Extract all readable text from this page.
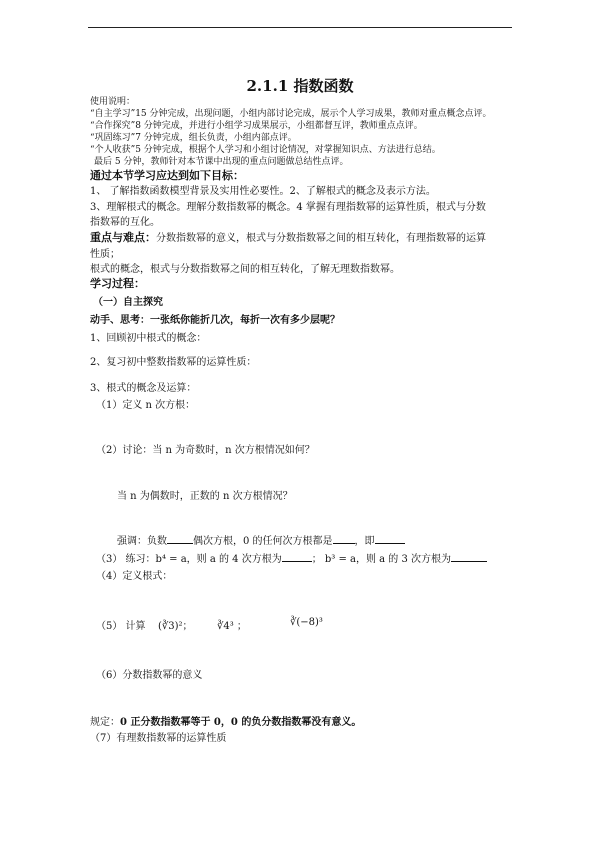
2.1.1 指数函数
使用说明：
“自主学习”15 分钟完成，出现问题，小组内部讨论完成，展示个人学习成果，教师对重点概念点评。
“合作探究”8 分钟完成，并进行小组学习成果展示，小组都督互评，教师重点点评。
“巩固练习”7 分钟完成，组长负责，小组内部点评。
“个人收获”5 分钟完成，根据个人学习和小组讨论情况，对掌握知识点、方法进行总结。
最后 5 分钟，教师针对本节课中出现的重点问题做总结性点评。
通过本节学习应达到如下目标：
1、 了解指数函数模型背景及实用性必要性。2、了解根式的概念及表示方法。
3、理解根式的概念。理解分数指数幂的概念。4 掌握有理指数幂的运算性质，根式与分数
指数幂的互化。
重点与难点：分数指数幂的意义，根式与分数指数幂之间的相互转化，有理指数幂的运算
性质；
根式的概念，根式与分数指数幂之间的相互转化，了解无理数指数幂。
学习过程：
（一）自主探究
动手、思考：一张纸你能折几次，每折一次有多少层呢？
1、回顾初中根式的概念：
2、复习初中整数指数幂的运算性质：
3、根式的概念及运算：
（1）定义 n 次方根：
（2）讨论：当 n 为奇数时，n 次方根情况如何？
当 n 为偶数时，正数的 n 次方根情况？
强调：负数	偶次方根，0 的任何次方根都是 ，即
（3） 练习：b⁴ = a，则 a 的 4 次方根为	； b³ = a，则 a 的 3 次方根为
（4）定义根式：
（5） 计算 (∛3)²； ∛4³ ；	∛(−8)³
（6）分数指数幂的意义
规定：0 正分数指数幂等于 0，0 的负分数指数幂没有意义。
（7）有理数指数幂的运算性质
